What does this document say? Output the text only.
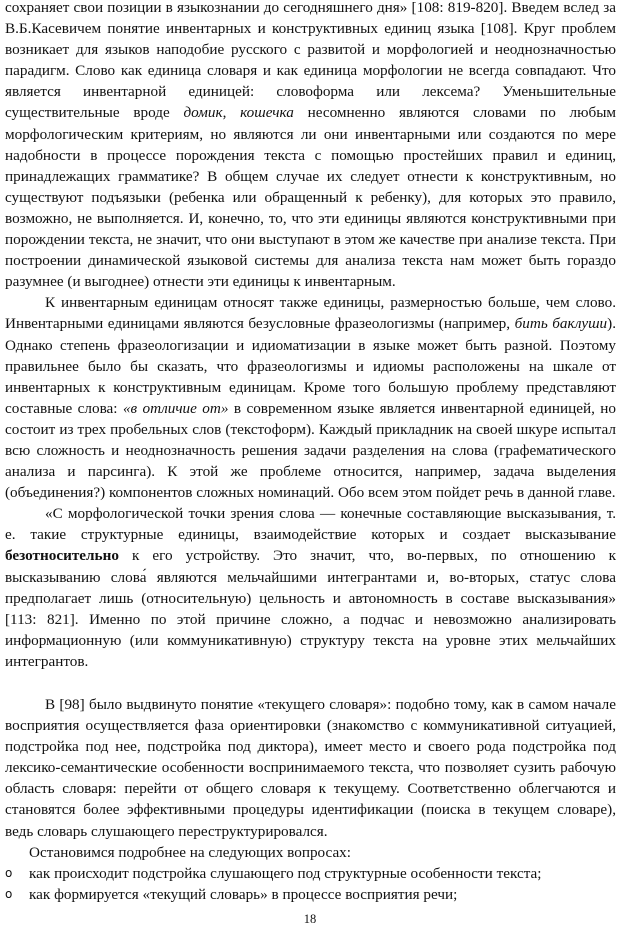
сохраняет свои позиции в языкознании до сегодняшнего дня» [108: 819-820]. Введем вслед за В.Б.Касевичем понятие инвентарных и конструктивных единиц языка [108]. Круг проблем возникает для языков наподобие русского с развитой и морфологией и неоднозначностью парадигм. Слово как единица словаря и как единица морфологии не всегда совпадают. Что является инвентарной единицей: словоформа или лексема? Уменьшительные существительные вроде домик, кошечка несомненно являются словами по любым морфологическим критериям, но являются ли они инвентарными или создаются по мере надобности в процессе порождения текста с помощью простейших правил и единиц, принадлежащих грамматике? В общем случае их следует отнести к конструктивным, но существуют подъязыки (ребенка или обращенный к ребенку), для которых это правило, возможно, не выполняется. И, конечно, то, что эти единицы являются конструктивными при порождении текста, не значит, что они выступают в этом же качестве при анализе текста. При построении динамической языковой системы для анализа текста нам может быть гораздо разумнее (и выгоднее) отнести эти единицы к инвентарным.

К инвентарным единицам относят также единицы, размерностью больше, чем слово. Инвентарными единицами являются безусловные фразеологизмы (например, бить баклуши). Однако степень фразеологизации и идиоматизации в языке может быть разной. Поэтому правильнее было бы сказать, что фразеологизмы и идиомы расположены на шкале от инвентарных к конструктивным единицам. Кроме того большую проблему представляют составные слова: «в отличие от» в современном языке является инвентарной единицей, но состоит из трех пробельных слов (текстоформ). Каждый прикладник на своей шкуре испытал всю сложность и неоднозначность решения задачи разделения на слова (графематического анализа и парсинга). К этой же проблеме относится, например, задача выделения (объединения?) компонентов сложных номинаций. Обо всем этом пойдет речь в данной главе.

«С морфологической точки зрения слова — конечные составляющие высказывания, т. е. такие структурные единицы, взаимодействие которых и создает высказывание безотносительно к его устройству. Это значит, что, во-первых, по отношению к высказыванию слова́ являются мельчайшими интегрантами и, во-вторых, статус слова предполагает лишь (относительную) цельность и автономность в составе высказывания» [113: 821]. Именно по этой причине сложно, а подчас и невозможно анализировать информационную (или коммуникативную) структуру текста на уровне этих мельчайших интегрантов.

В [98] было выдвинуто понятие «текущего словаря»: подобно тому, как в самом начале восприятия осуществляется фаза ориентировки (знакомство с коммуникативной ситуацией, подстройка под нее, подстройка под диктора), имеет место и своего рода подстройка под лексико-семантические особенности воспринимаемого текста, что позволяет сузить рабочую область словаря: перейти от общего словаря к текущему. Соответственно облегчаются и становятся более эффективными процедуры идентификации (поиска в текущем словаре), ведь словарь слушающего переструктурировался.

Остановимся подробнее на следующих вопросах:

o как происходит подстройка слушающего под структурные особенности текста;
o как формируется «текущий словарь» в процессе восприятия речи;
18
